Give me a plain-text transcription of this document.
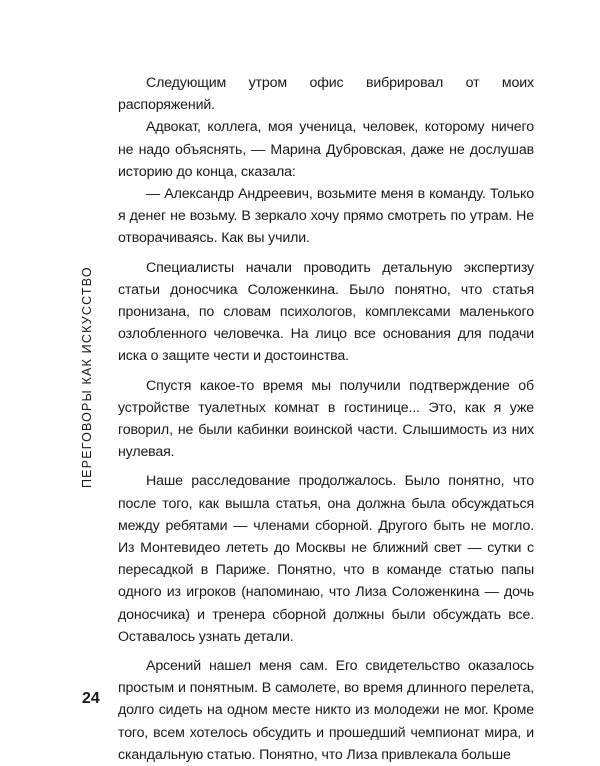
ПЕРЕГОВОРЫ КАК ИСКУССТВО

Следующим утром офис вибрировал от моих распоряжений.

Адвокат, коллега, моя ученица, человек, которому ничего не надо объяснять, — Марина Дубровская, даже не дослушав историю до конца, сказала:

— Александр Андреевич, возьмите меня в команду. Только я денег не возьму. В зеркало хочу прямо смотреть по утрам. Не отворачиваясь. Как вы учили.

Специалисты начали проводить детальную экспертизу статьи доносчика Соложенкина. Было понятно, что статья пронизана, по словам психологов, комплексами маленького озлобленного человечка. На лицо все основания для подачи иска о защите чести и достоинства.

Спустя какое-то время мы получили подтверждение об устройстве туалетных комнат в гостинице... Это, как я уже говорил, не были кабинки воинской части. Слышимость из них нулевая.

Наше расследование продолжалось. Было понятно, что после того, как вышла статья, она должна была обсуждаться между ребятами — членами сборной. Другого быть не могло. Из Монтевидео лететь до Москвы не ближний свет — сутки с пересадкой в Париже. Понятно, что в команде статью папы одного из игроков (напоминаю, что Лиза Соложенкина — дочь доносчика) и тренера сборной должны были обсуждать все. Оставалось узнать детали.

Арсений нашел меня сам. Его свидетельство оказалось простым и понятным. В самолете, во время длинного перелета, долго сидеть на одном месте никто из молодежи не мог. Кроме того, всем хотелось обсудить и прошедший чемпионат мира, и скандальную статью. Понятно, что Лиза привлекала больше

24
